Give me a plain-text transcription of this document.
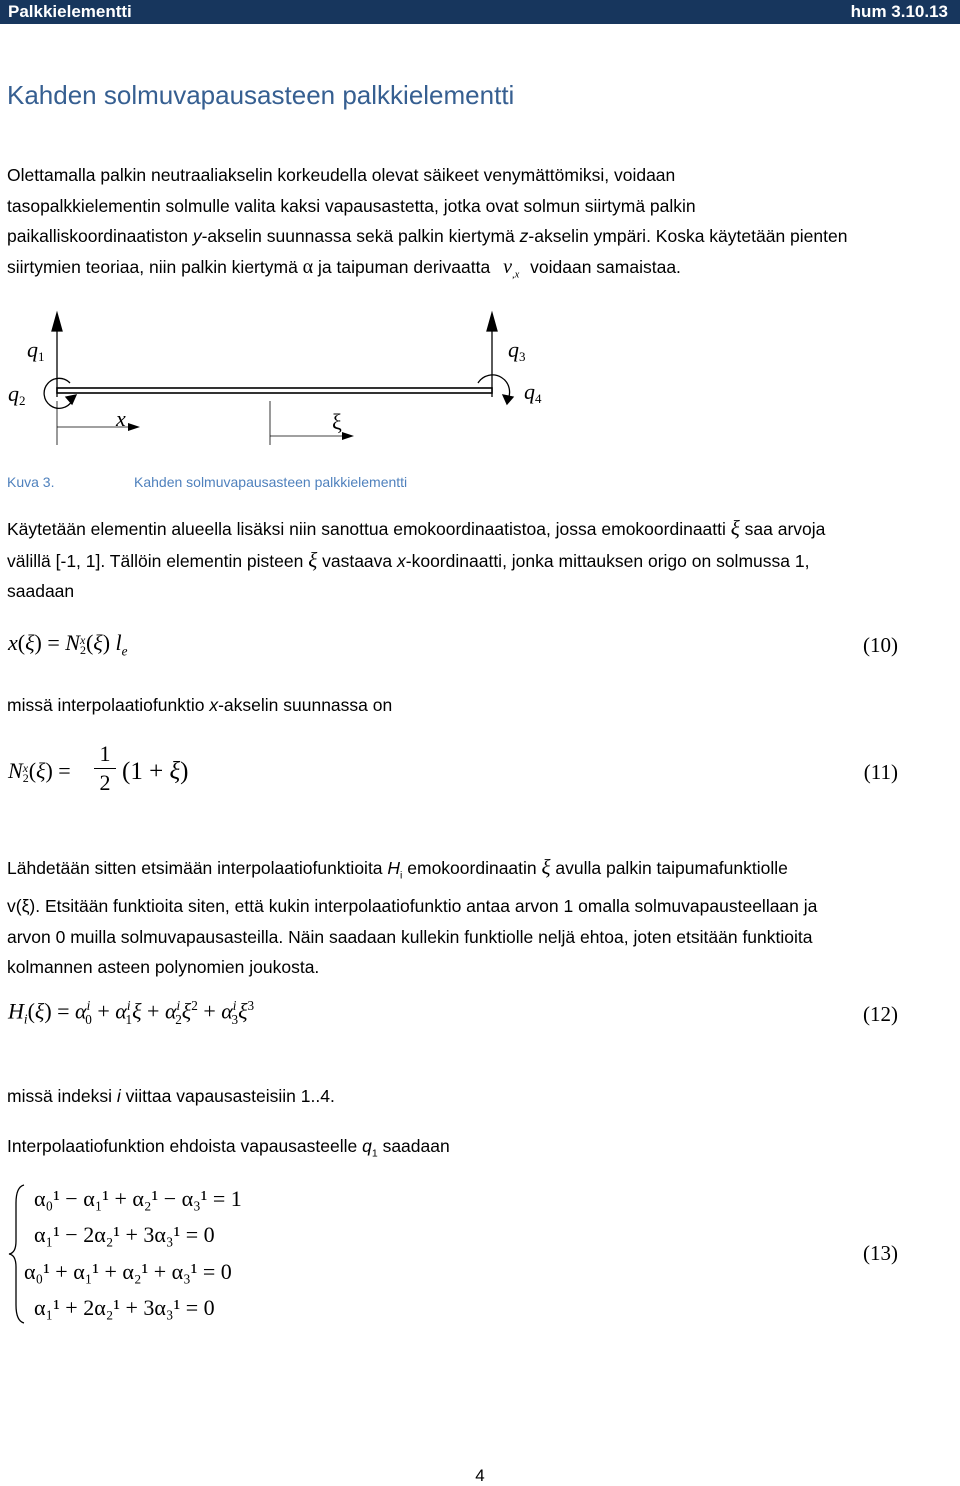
Palkkielementti	hum 3.10.13
Kahden solmuvapausasteen palkkielementti
Olettamalla palkin neutraaliakselin korkeudella olevat säikeet venymättömiksi, voidaan
tasopalkkielementin solmulle valita kaksi vapausastetta, jotka ovat solmun siirtymä palkin
paikalliskoordinaatiston y-akselin suunnassa sekä palkin kiertymä z-akselin ympäri. Koska käytetään pienten
siirtymien teoriaa, niin palkin kiertymä α ja taipuman derivaatta $v_{,x}$ voidaan samaistaa.
q1
q2
q3
q4
x	ξ
Kuva 3.	Kahden solmuvapausasteen palkkielementti
Käytetään elementin alueella lisäksi niin sanottua emokoordinaatistoa, jossa emokoordinaatti ξ saa arvoja
välillä [-1, 1]. Tällöin elementin pisteen ξ vastaava x-koordinaatti, jonka mittauksen origo on solmussa 1,
saadaan
x(ξ) = Nx
2(ξ) $l_e$	(10)
missä interpolaatiofunktio x-akselin suunnassa on
Nx
2(ξ) =
1

2 (1 + ξ)	(11)
Lähdetään sitten etsimään interpolaatiofunktioita $H_i$ emokoordinaatin ξ avulla palkin taipumafunktiolle
v(ξ). Etsitään funktioita siten, että kukin interpolaatiofunktio antaa arvon 1 omalla solmuvapausteellaan ja
arvon 0 muilla solmuvapausasteilla. Näin saadaan kullekin funktiolle neljä ehtoa, joten etsitään funktioita
kolmannen asteen polynomien joukosta.
$H_i(\xi) = \alpha^i_0 + \alpha^i_1\xi + \alpha^i_2\xi^2 + \alpha^i_3\xi^3$	(12)
missä indeksi i viittaa vapausasteisiin 1..4.
Interpolaatiofunktion ehdoista vapausasteelle $q_1$ saadaan
α₀¹ − α₁¹ + α₂¹ − α₃¹ = 1
α₁¹ − 2α₂¹ + 3α₃¹ = 0
α₀¹ + α₁¹ + α₂¹ + α₃¹ = 0
α₁¹ + 2α₂¹ + 3α₃¹ = 0
(13)
4
